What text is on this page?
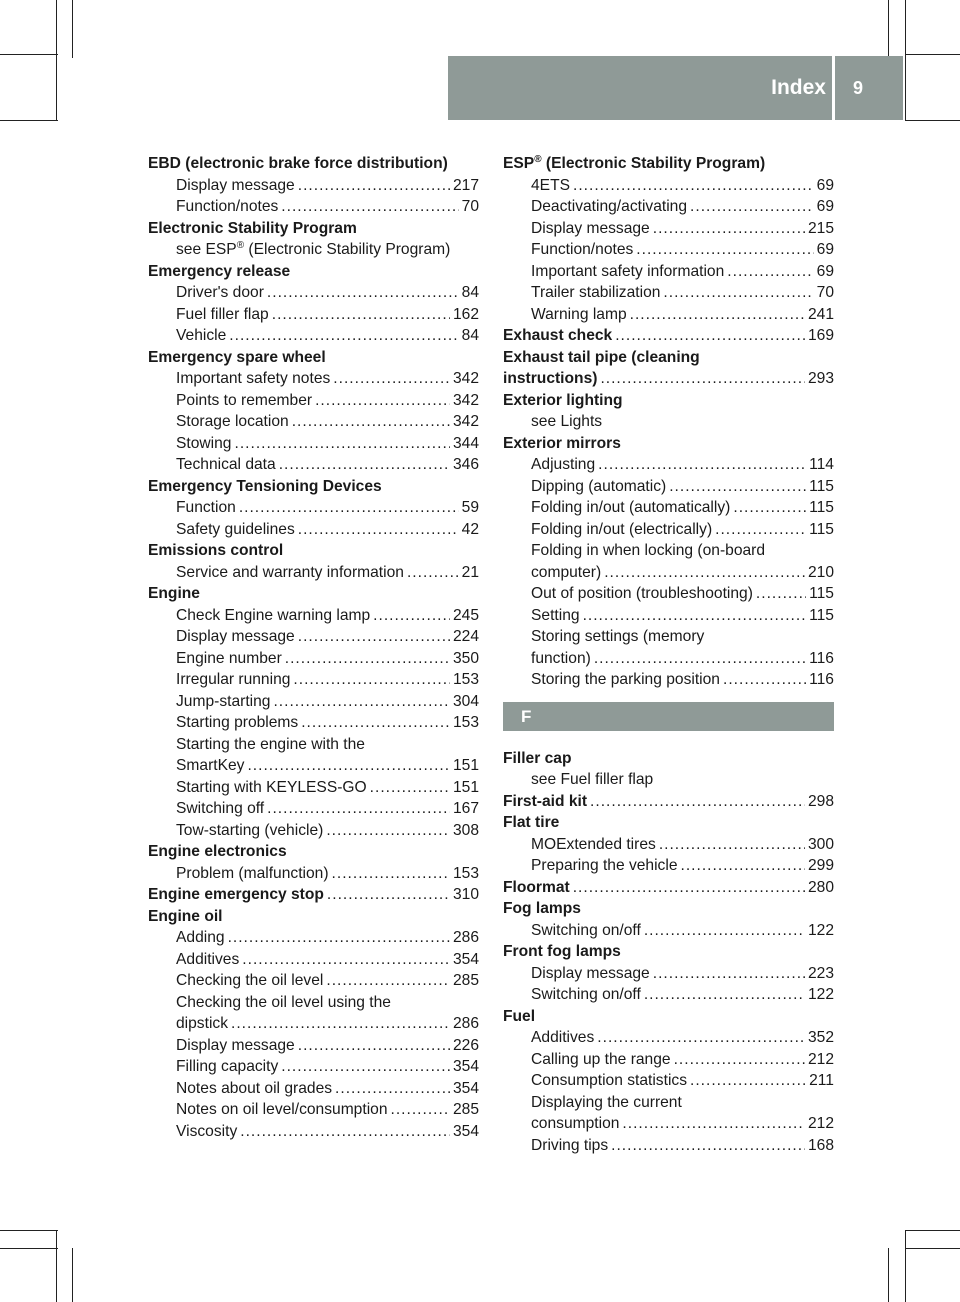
Index	9
EBD (electronic brake force distribution)
Display message .....	217
Function/notes .....	70
Electronic Stability Program
see ESP® (Electronic Stability Program)
Emergency release
Driver's door .....	84
Fuel filler flap .....	162
Vehicle .....	84
Emergency spare wheel
Important safety notes .....	342
Points to remember .....	342
Storage location .....	342
Stowing .....	344
Technical data .....	346
Emergency Tensioning Devices
Function .....	59
Safety guidelines .....	42
Emissions control
Service and warranty information .....	21
Engine
Check Engine warning lamp .....	245
Display message .....	224
Engine number .....	350
Irregular running .....	153
Jump-starting .....	304
Starting problems .....	153
Starting the engine with the
SmartKey .....	151
Starting with KEYLESS-GO .....	151
Switching off .....	167
Tow-starting (vehicle) .....	308
Engine electronics
Problem (malfunction) .....	153
Engine emergency stop .....	310
Engine oil
Adding .....	286
Additives .....	354
Checking the oil level .....	285
Checking the oil level using the
dipstick .....	286
Display message .....	226
Filling capacity .....	354
Notes about oil grades .....	354
Notes on oil level/consumption .....	285
Viscosity .....	354
ESP® (Electronic Stability Program)
4ETS .....	69
Deactivating/activating .....	69
Display message .....	215
Function/notes .....	69
Important safety information .....	69
Trailer stabilization .....	70
Warning lamp .....	241
Exhaust check .....	169
Exhaust tail pipe (cleaning
instructions) .....	293
Exterior lighting
see Lights
Exterior mirrors
Adjusting .....	114
Dipping (automatic) .....	115
Folding in/out (automatically) .....	115
Folding in/out (electrically) .....	115
Folding in when locking (on-board
computer) .....	210
Out of position (troubleshooting) .....	115
Setting .....	115
Storing settings (memory
function) .....	116
Storing the parking position .....	116
F
Filler cap
see Fuel filler flap
First-aid kit .....	298
Flat tire
MOExtended tires .....	300
Preparing the vehicle .....	299
Floormat .....	280
Fog lamps
Switching on/off .....	122
Front fog lamps
Display message .....	223
Switching on/off .....	122
Fuel
Additives .....	352
Calling up the range .....	212
Consumption statistics .....	211
Displaying the current
consumption .....	212
Driving tips .....	168
